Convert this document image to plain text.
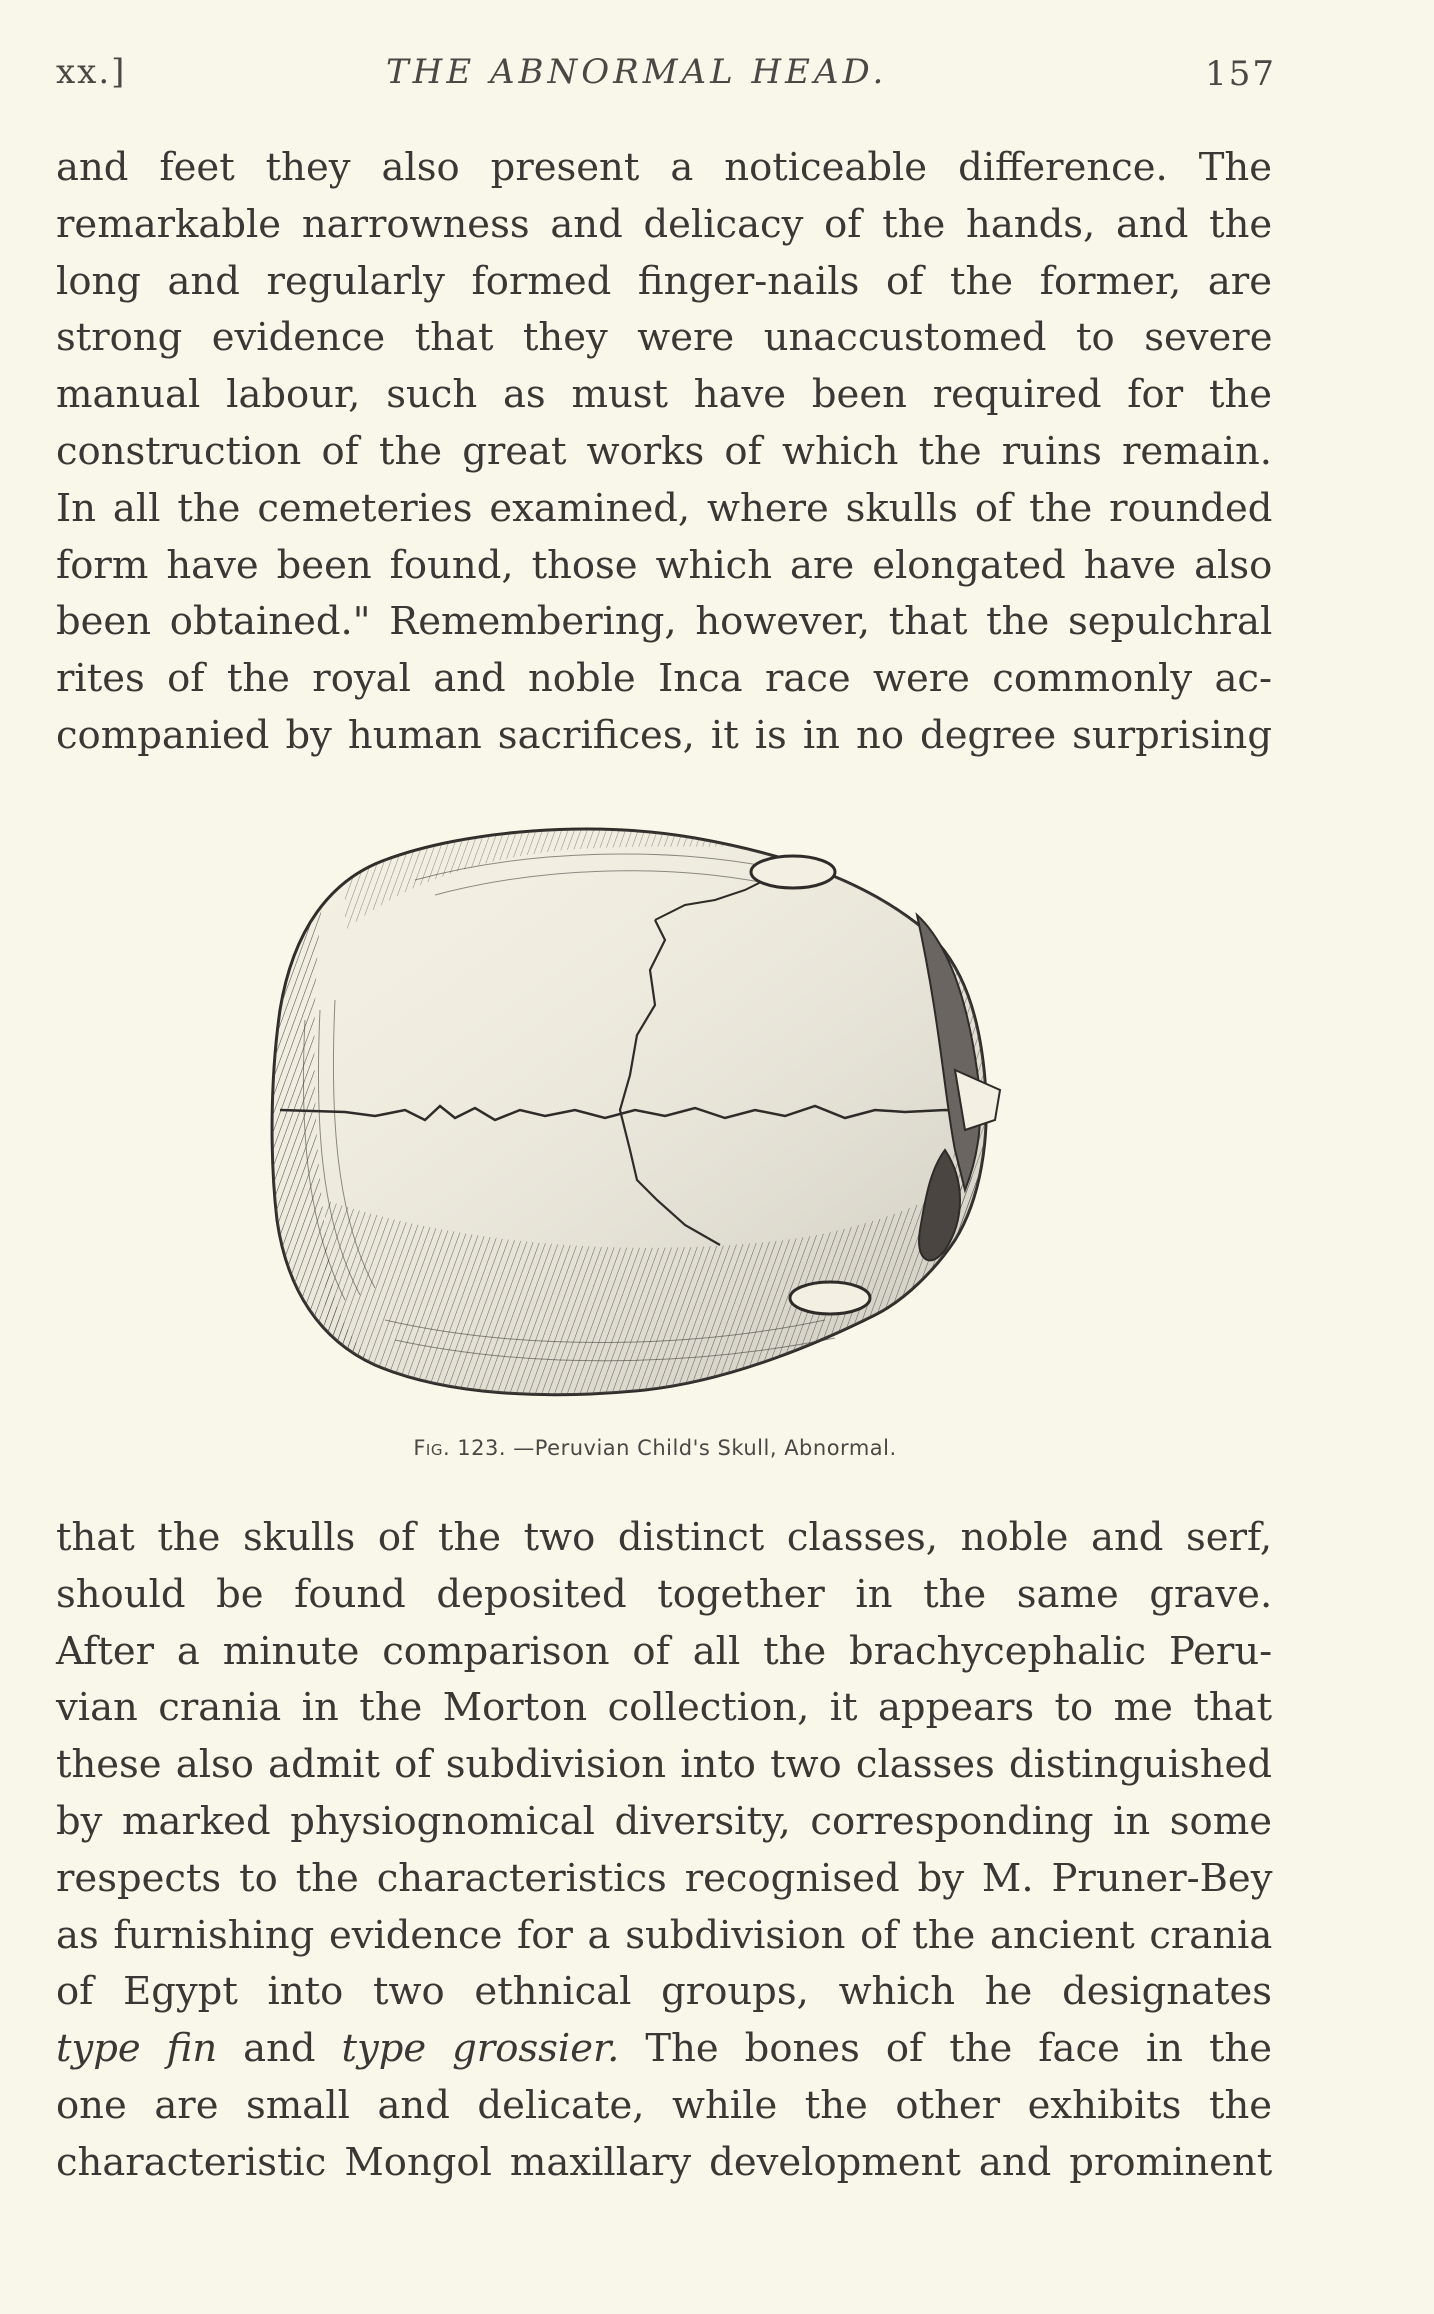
xx.]	THE ABNORMAL HEAD.	157
and feet they also present a noticeable difference. The
remarkable narrowness and delicacy of the hands, and the
long and regularly formed finger-nails of the former, are
strong evidence that they were unaccustomed to severe
manual labour, such as must have been required for the
construction of the great works of which the ruins remain.
In all the cemeteries examined, where skulls of the rounded
form have been found, those which are elongated have also
been obtained." Remembering, however, that the sepulchral
rites of the royal and noble Inca race were commonly ac-
companied by human sacrifices, it is in no degree surprising
Fig. 123. —Peruvian Child's Skull, Abnormal.
that the skulls of the two distinct classes, noble and serf,
should be found deposited together in the same grave.
After a minute comparison of all the brachycephalic Peru-
vian crania in the Morton collection, it appears to me that
these also admit of subdivision into two classes distinguished
by marked physiognomical diversity, corresponding in some
respects to the characteristics recognised by M. Pruner-Bey
as furnishing evidence for a subdivision of the ancient crania
of Egypt into two ethnical groups, which he designates
type fin and type grossier. The bones of the face in the
one are small and delicate, while the other exhibits the
characteristic Mongol maxillary development and prominent
